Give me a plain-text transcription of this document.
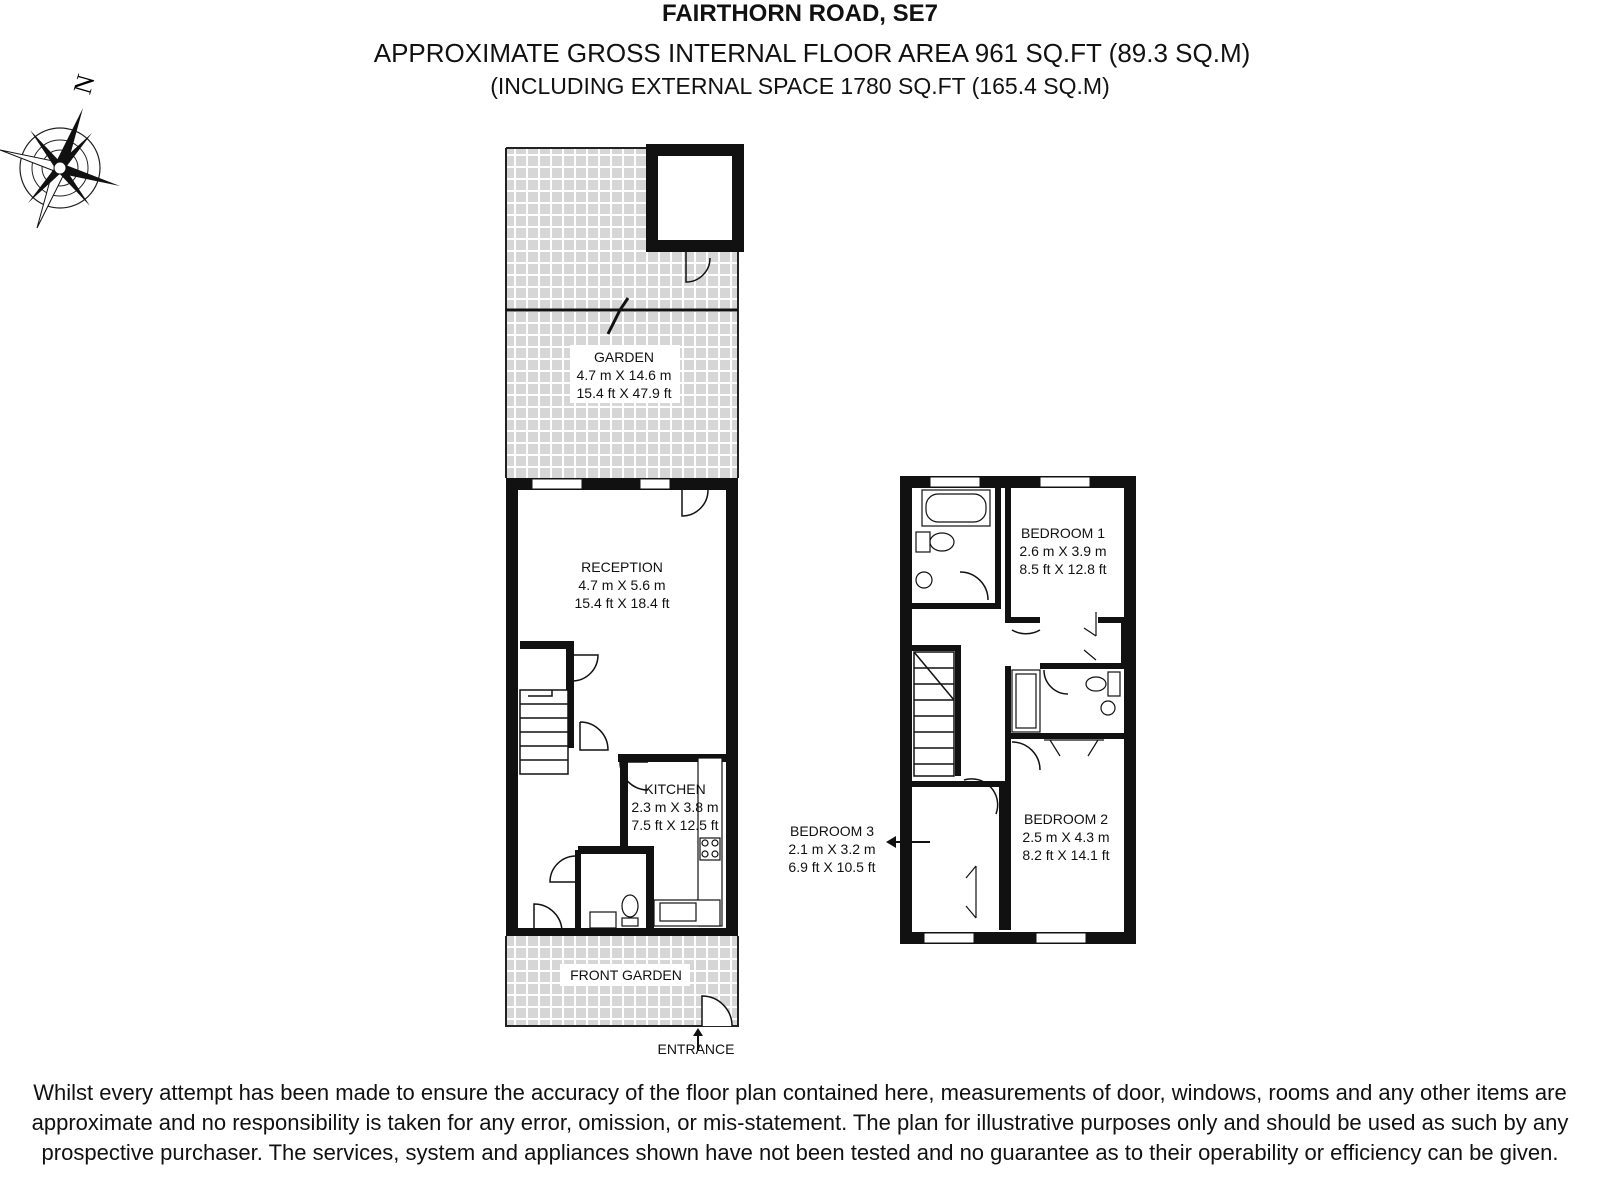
FAIRTHORN ROAD, SE7
APPROXIMATE GROSS INTERNAL FLOOR AREA 961 SQ.FT (89.3 SQ.M)
(INCLUDING EXTERNAL SPACE 1780 SQ.FT (165.4 SQ.M)
N
GARDEN
4.7 m X 14.6 m
15.4 ft X 47.9 ft
RECEPTION
4.7 m X 5.6 m
15.4 ft X 18.4 ft
KITCHEN
2.3 m X 3.8 m
7.5 ft X 12.5 ft
FRONT GARDEN
ENTRANCE
BEDROOM 1
2.6 m X 3.9 m
8.5 ft X 12.8 ft
BEDROOM 2
2.5 m X 4.3 m
8.2 ft X 14.1 ft
BEDROOM 3
2.1 m X 3.2 m
6.9 ft X 10.5 ft
Whilst every attempt has been made to ensure the accuracy of the floor plan contained here, measurements of door, windows, rooms and any other items are approximate and no responsibility is taken for any error, omission, or mis-statement. The plan for illustrative purposes only and should be used as such by any prospective purchaser. The services, system and appliances shown have not been tested and no guarantee as to their operability or efficiency can be given.
